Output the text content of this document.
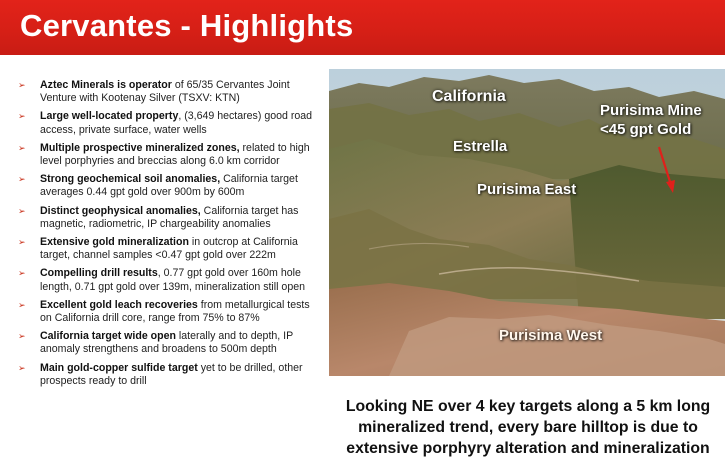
Cervantes - Highlights
➢ Aztec Minerals is operator of 65/35 Cervantes Joint Venture with Kootenay Silver (TSXV: KTN)
➢ Large well-located property, (3,649 hectares) good road access, private surface, water wells
➢ Multiple prospective mineralized zones, related to high level porphyries and breccias along 6.0 km corridor
➢ Strong geochemical soil anomalies, California target averages 0.44 gpt gold over 900m by 600m
➢ Distinct geophysical anomalies, California target has magnetic, radiometric, IP chargeability anomalies
➢ Extensive gold mineralization in outcrop at California target, channel samples <0.47 gpt gold over 222m
➢ Compelling drill results, 0.77 gpt gold over 160m hole length, 0.71 gpt gold over 139m, mineralization still open
➢ Excellent gold leach recoveries from metallurgical tests on California drill core, range from 75% to 87%
➢ California target wide open laterally and to depth, IP anomaly strengthens and broadens to 500m depth
➢ Main gold-copper sulfide target yet to be drilled, other prospects ready to drill
California
Estrella
Purisima East
Purisima Mine
<45 gpt Gold
Purisima West
Looking NE over 4 key targets along a 5 km long mineralized trend, every bare hilltop is due to extensive porphyry alteration and mineralization
